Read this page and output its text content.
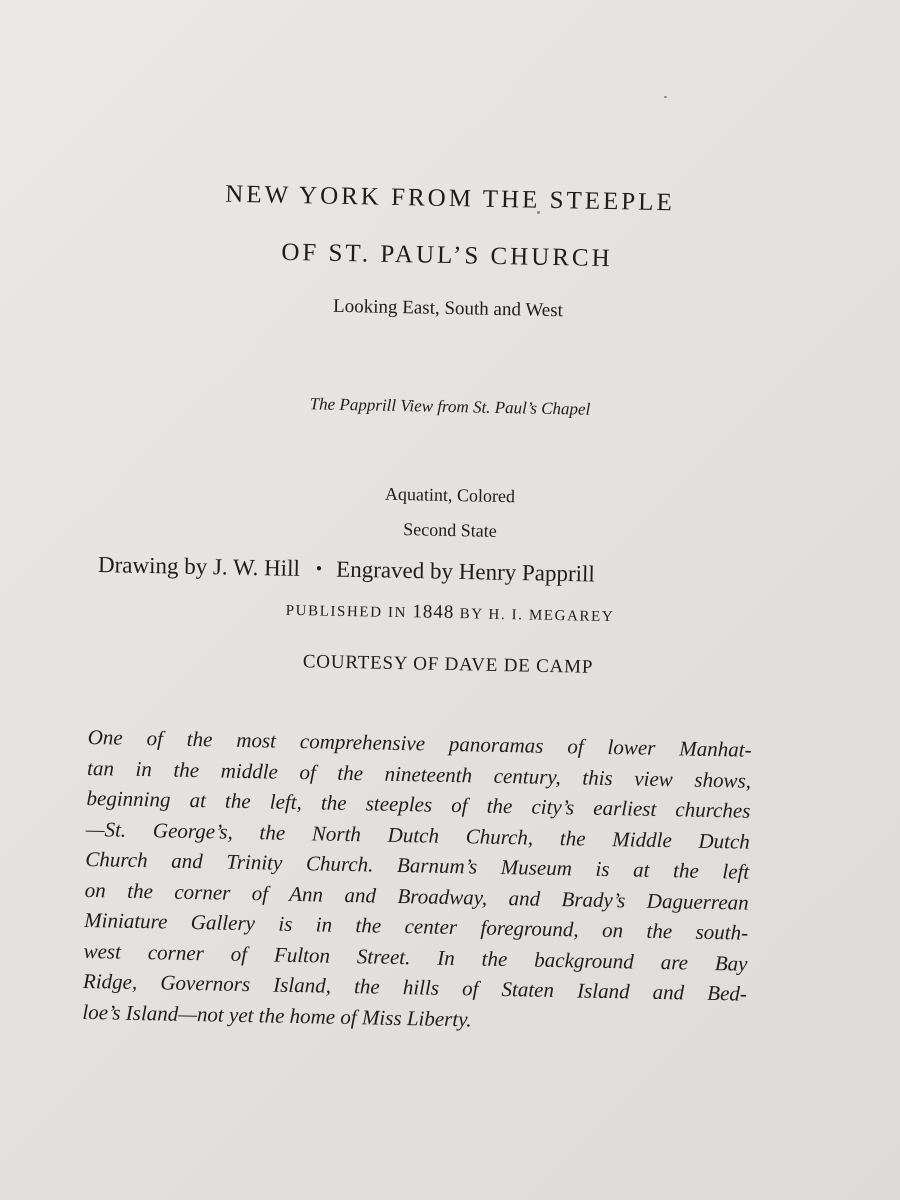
NEW YORK FROM THE STEEPLE
OF ST. PAUL’S CHURCH
Looking East, South and West
The Papprill View from St. Paul’s Chapel
Aquatint, Colored
Second State
Drawing by J. W. Hill • Engraved by Henry Papprill
PUBLISHED IN 1848 BY H. I. MEGAREY
COURTESY OF DAVE DE CAMP
One of the most comprehensive panoramas of lower Manhat-
tan in the middle of the nineteenth century, this view shows,
beginning at the left, the steeples of the city’s earliest churches
—St. George’s, the North Dutch Church, the Middle Dutch
Church and Trinity Church. Barnum’s Museum is at the left
on the corner of Ann and Broadway, and Brady’s Daguerrean
Miniature Gallery is in the center foreground, on the south-
west corner of Fulton Street. In the background are Bay
Ridge, Governors Island, the hills of Staten Island and Bed-
loe’s Island—not yet the home of Miss Liberty.
